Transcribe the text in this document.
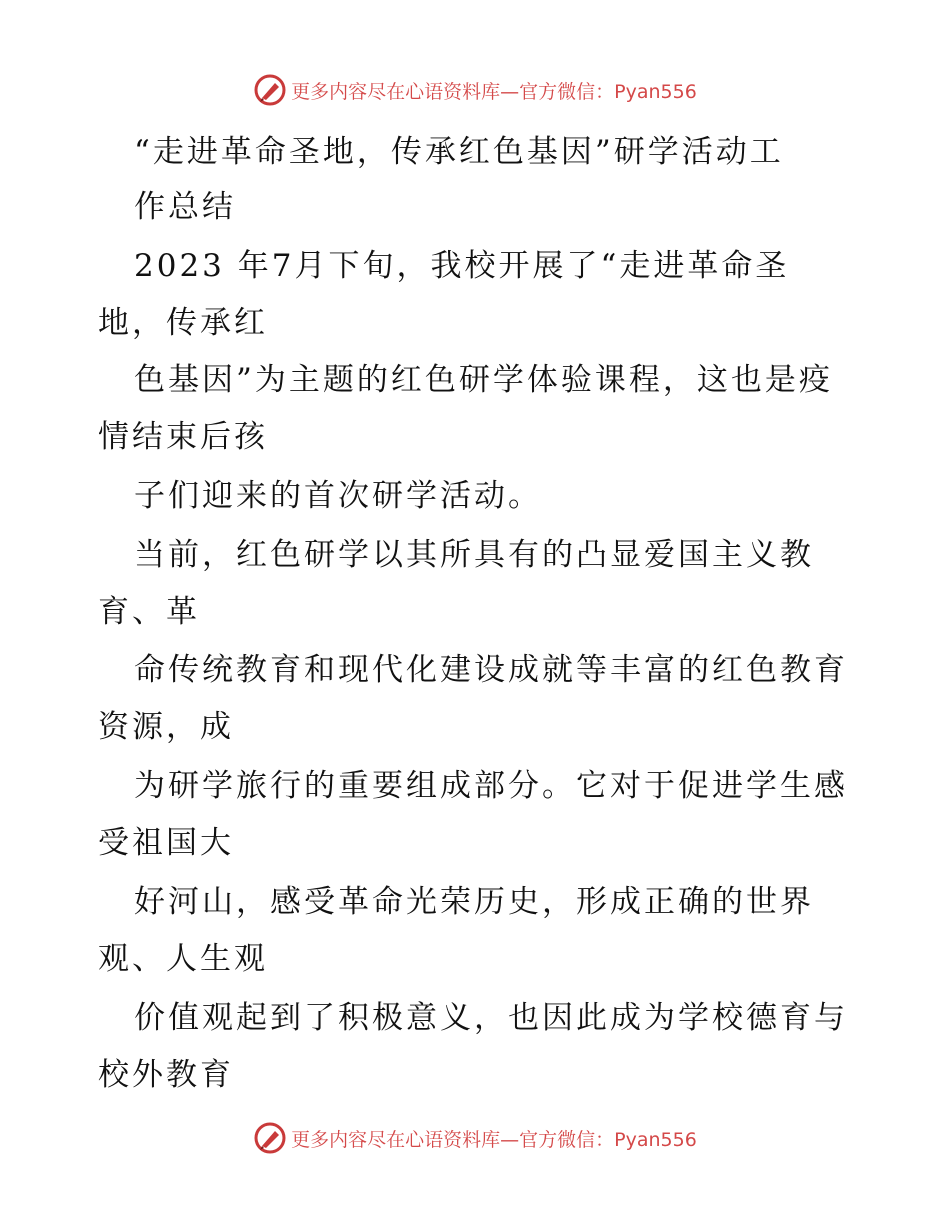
更多内容尽在心语资料库—官方微信：Pyan556
“走进革命圣地，传承红色基因”研学活动工
作总结
2023 年7月下旬，我校开展了“走进革命圣
地，传承红
色基因”为主题的红色研学体验课程，这也是疫
情结束后孩
子们迎来的首次研学活动。
当前，红色研学以其所具有的凸显爱国主义教
育、革
命传统教育和现代化建设成就等丰富的红色教育
资源，成
为研学旅行的重要组成部分。它对于促进学生感
受祖国大
好河山，感受革命光荣历史，形成正确的世界
观、人生观
价值观起到了积极意义，也因此成为学校德育与
校外教育
更多内容尽在心语资料库—官方微信：Pyan556
